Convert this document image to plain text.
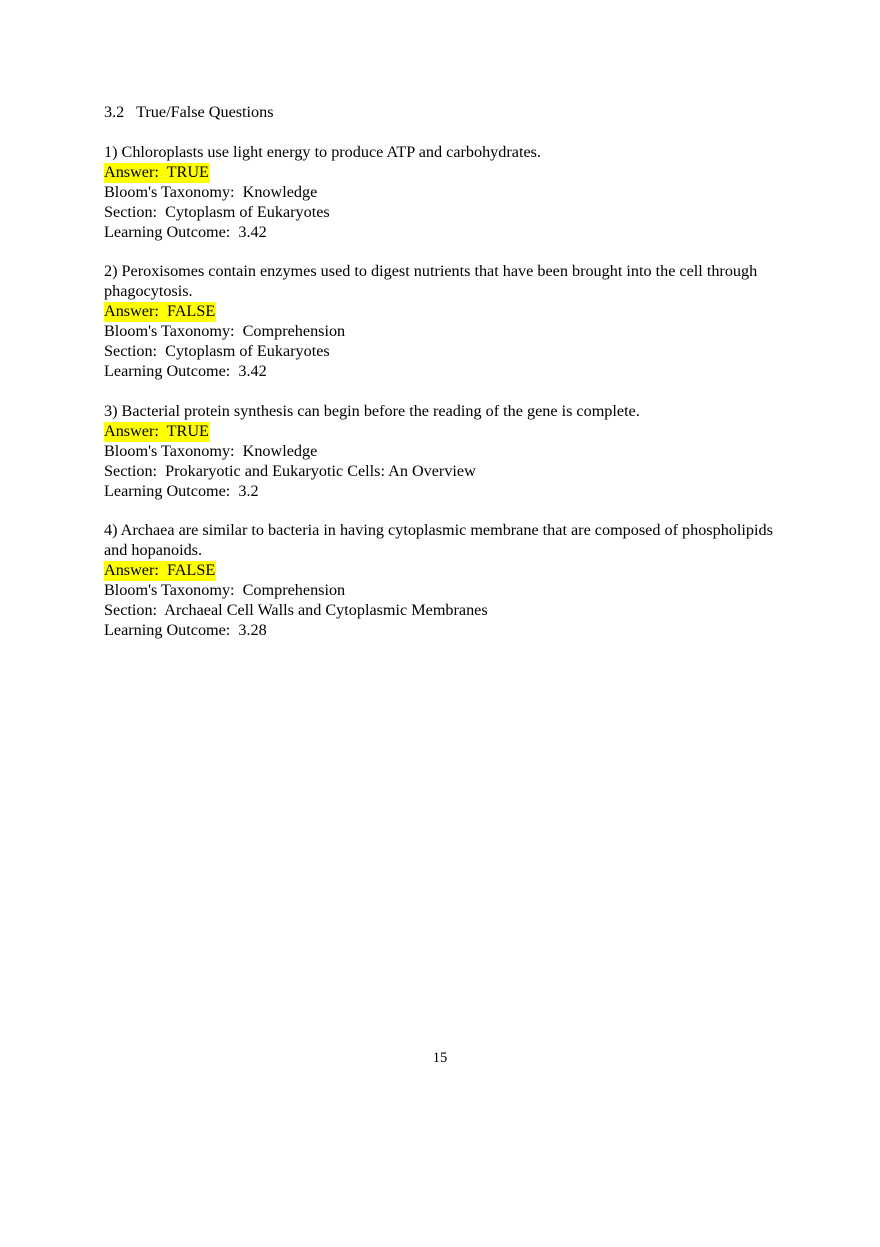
3.2   True/False Questions
1) Chloroplasts use light energy to produce ATP and carbohydrates.
Answer:  TRUE
Bloom's Taxonomy:  Knowledge
Section:  Cytoplasm of Eukaryotes
Learning Outcome:  3.42
2) Peroxisomes contain enzymes used to digest nutrients that have been brought into the cell through phagocytosis.
Answer:  FALSE
Bloom's Taxonomy:  Comprehension
Section:  Cytoplasm of Eukaryotes
Learning Outcome:  3.42
3) Bacterial protein synthesis can begin before the reading of the gene is complete.
Answer:  TRUE
Bloom's Taxonomy:  Knowledge
Section:  Prokaryotic and Eukaryotic Cells: An Overview
Learning Outcome:  3.2
4) Archaea are similar to bacteria in having cytoplasmic membrane that are composed of phospholipids and hopanoids.
Answer:  FALSE
Bloom's Taxonomy:  Comprehension
Section:  Archaeal Cell Walls and Cytoplasmic Membranes
Learning Outcome:  3.28
15
